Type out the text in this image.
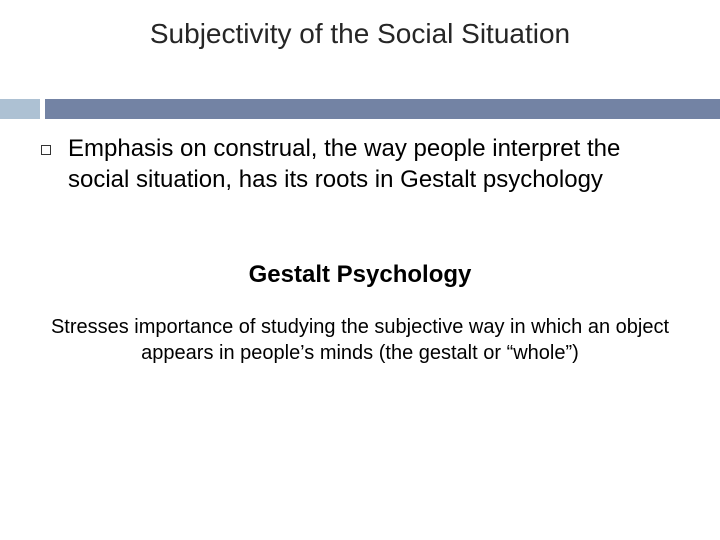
Subjectivity of the Social Situation
Emphasis on construal, the way people interpret the social situation, has its roots in Gestalt psychology
Gestalt Psychology
Stresses importance of studying the subjective way in which an object appears in people’s minds (the gestalt or “whole”)
